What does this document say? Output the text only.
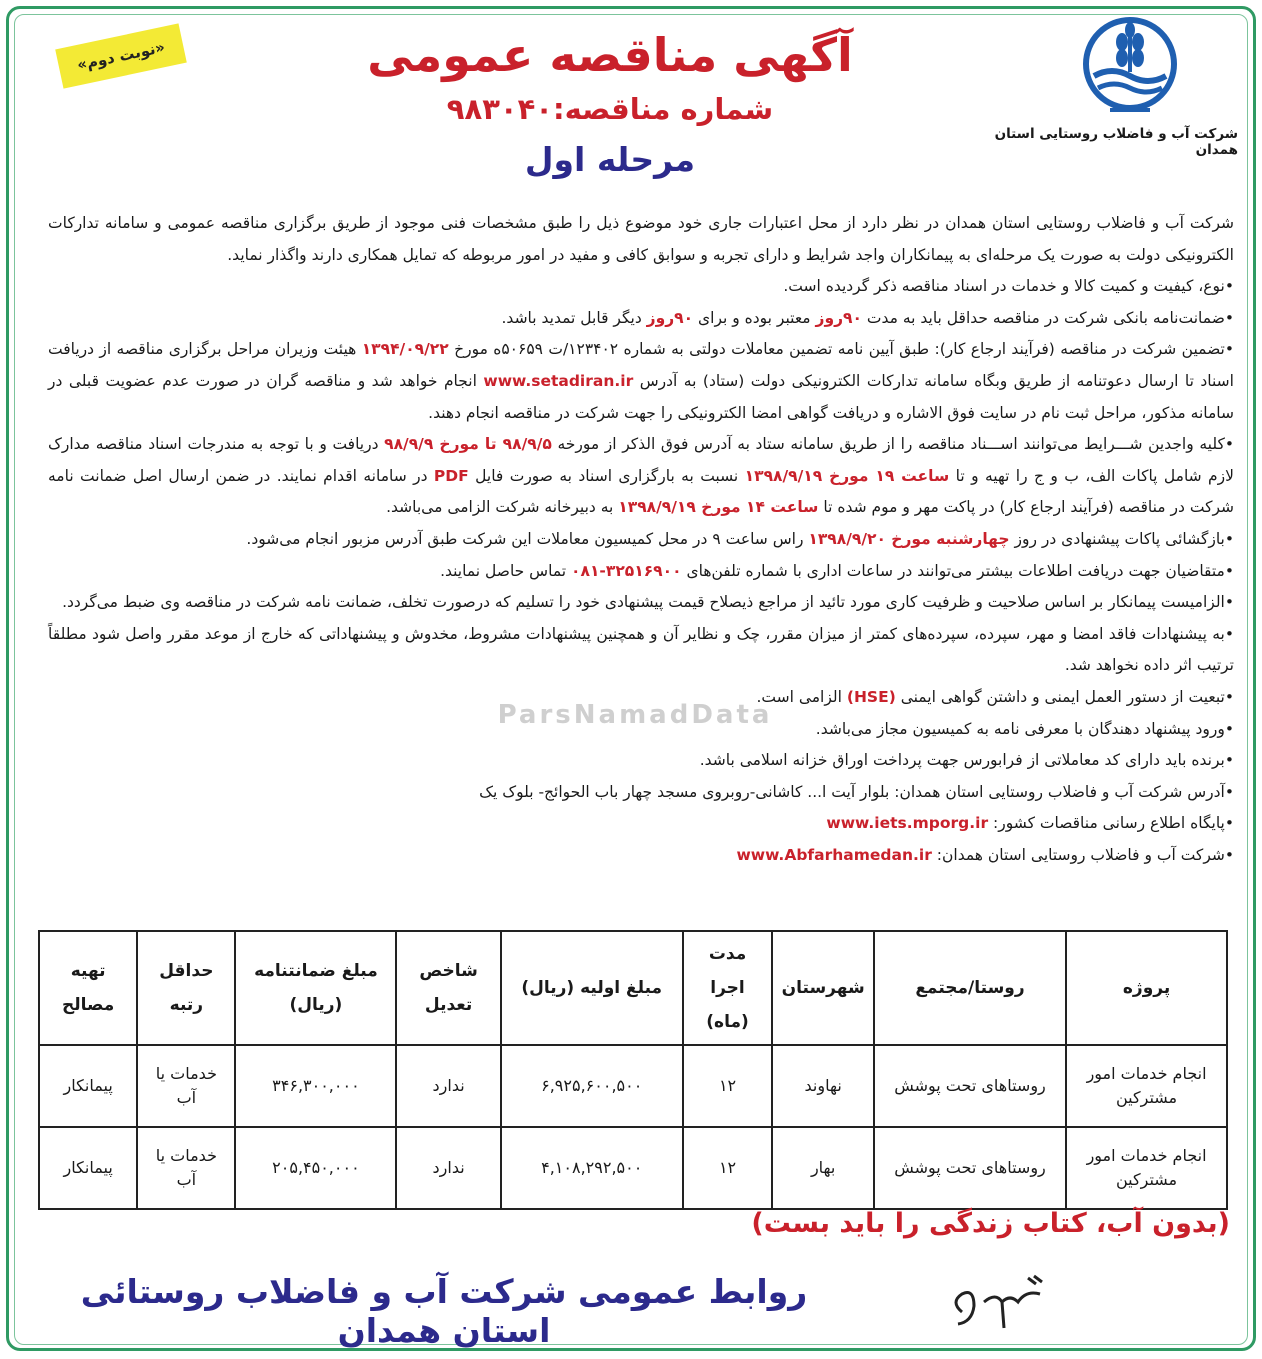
«نوبت دوم»	آگهی مناقصه عمومی
شماره مناقصه:۹۸۳۰۴۰
مرحله اول
شرکت آب و فاضلاب روستایی استان همدان

شرکت آب و فاضلاب روستایی استان همدان در نظر دارد از محل اعتبارات جاری خود موضوع ذیل را طبق مشخصات فنی موجود از طریق برگزاری مناقصه عمومی و سامانه تدارکات الکترونیکی دولت به صورت یک مرحله‌ای به پیمانکاران واجد شرایط و دارای تجربه و سوابق کافی و مفید در امور مربوطه که تمایل همکاری دارند واگذار نماید.

•نوع، کیفیت و کمیت کالا و خدمات در اسناد مناقصه ذکر گردیده است.

•ضمانت‌نامه بانکی شرکت در مناقصه حداقل باید به مدت ۹۰روز معتبر بوده و برای ۹۰روز دیگر قابل تمدید باشد.

•تضمین شرکت در مناقصه (فرآیند ارجاع کار): طبق آیین نامه تضمین معاملات دولتی به شماره ۱۲۳۴۰۲/ت ۵۰۶۵۹ه مورخ ۱۳۹۴/۰۹/۲۲ هیئت وزیران مراحل برگزاری مناقصه از دریافت اسناد تا ارسال دعوتنامه از طریق وبگاه سامانه تدارکات الکترونیکی دولت (ستاد) به آدرس www.setadiran.ir انجام خواهد شد و مناقصه گران در صورت عدم عضویت قبلی در سامانه مذکور، مراحل ثبت نام در سایت فوق الاشاره و دریافت گواهی امضا الکترونیکی را جهت شرکت در مناقصه انجام دهند.

•کلیه واجدین شـــرایط می‌توانند اســـناد مناقصه را از طریق سامانه ستاد به آدرس فوق الذکر از مورخه ۹۸/۹/۵ تا مورخ ۹۸/۹/۹ دریافت و با توجه به مندرجات اسناد مناقصه مدارک لازم شامل پاکات الف، ب و ج را تهیه و تا ساعت ۱۹ مورخ ۱۳۹۸/۹/۱۹ نسبت به بارگزاری اسناد به صورت فایل PDF در سامانه اقدام نمایند. در ضمن ارسال اصل ضمانت نامه شرکت در مناقصه (فرآیند ارجاع کار) در پاکت مهر و موم شده تا ساعت ۱۴ مورخ ۱۳۹۸/۹/۱۹ به دبیرخانه شرکت الزامی می‌باشد.

•بازگشائی پاکات پیشنهادی در روز چهارشنبه مورخ ۱۳۹۸/۹/۲۰ راس ساعت ۹ در محل کمیسیون معاملات این شرکت طبق آدرس مزبور انجام می‌شود.

•متقاضیان جهت دریافت اطلاعات بیشتر می‌توانند در ساعات اداری با شماره تلفن‌های ۳۲۵۱۶۹۰۰-۰۸۱ تماس حاصل نمایند.

•الزامیست پیمانکار بر اساس صلاحیت و ظرفیت کاری مورد تائید از مراجع ذیصلاح قیمت پیشنهادی خود را تسلیم که درصورت تخلف، ضمانت نامه شرکت در مناقصه وی ضبط می‌گردد.

•به پیشنهادات فاقد امضا و مهر، سپرده، سپرده‌های کمتر از میزان مقرر، چک و نظایر آن و همچنین پیشنهادات مشروط، مخدوش و پیشنهاداتی که خارج از موعد مقرر واصل شود مطلقاً ترتیب اثر داده نخواهد شد.

•تبعیت از دستور العمل ایمنی و داشتن گواهی ایمنی (HSE) الزامی است.

•ورود پیشنهاد دهندگان با معرفی نامه به کمیسیون مجاز می‌باشد.

•برنده باید دارای کد معاملاتی از فرابورس جهت پرداخت اوراق خزانه اسلامی باشد.

•آدرس شرکت آب و فاضلاب روستایی استان همدان: بلوار آیت ا... کاشانی-روبروی مسجد چهار باب الحوائج- بلوک یک

•پایگاه اطلاع رسانی مناقصات کشور: www.iets.mporg.ir

•شرکت آب و فاضلاب روستایی استان همدان: www.Abfarhamedan.ir

ParsNamadData
پروژه	روستا/مجتمع	شهرستان	مدت اجرا (ماه)	مبلغ اولیه (ریال)	شاخص تعدیل	مبلغ ضمانتنامه (ریال)	حداقل رتبه	تهیه مصالح
انجام خدمات امور مشترکین	روستاهای تحت پوشش	نهاوند	۱۲	۶,۹۲۵,۶۰۰,۵۰۰	ندارد	۳۴۶,۳۰۰,۰۰۰	خدمات یا آب	پیمانکار
انجام خدمات امور مشترکین	روستاهای تحت پوشش	بهار	۱۲	۴,۱۰۸,۲۹۲,۵۰۰	ندارد	۲۰۵,۴۵۰,۰۰۰	خدمات یا آب	پیمانکار
(بدون آب، کتاب زندگی را باید بست)
روابط عمومی شرکت آب و فاضلاب روستائی استان همدان
